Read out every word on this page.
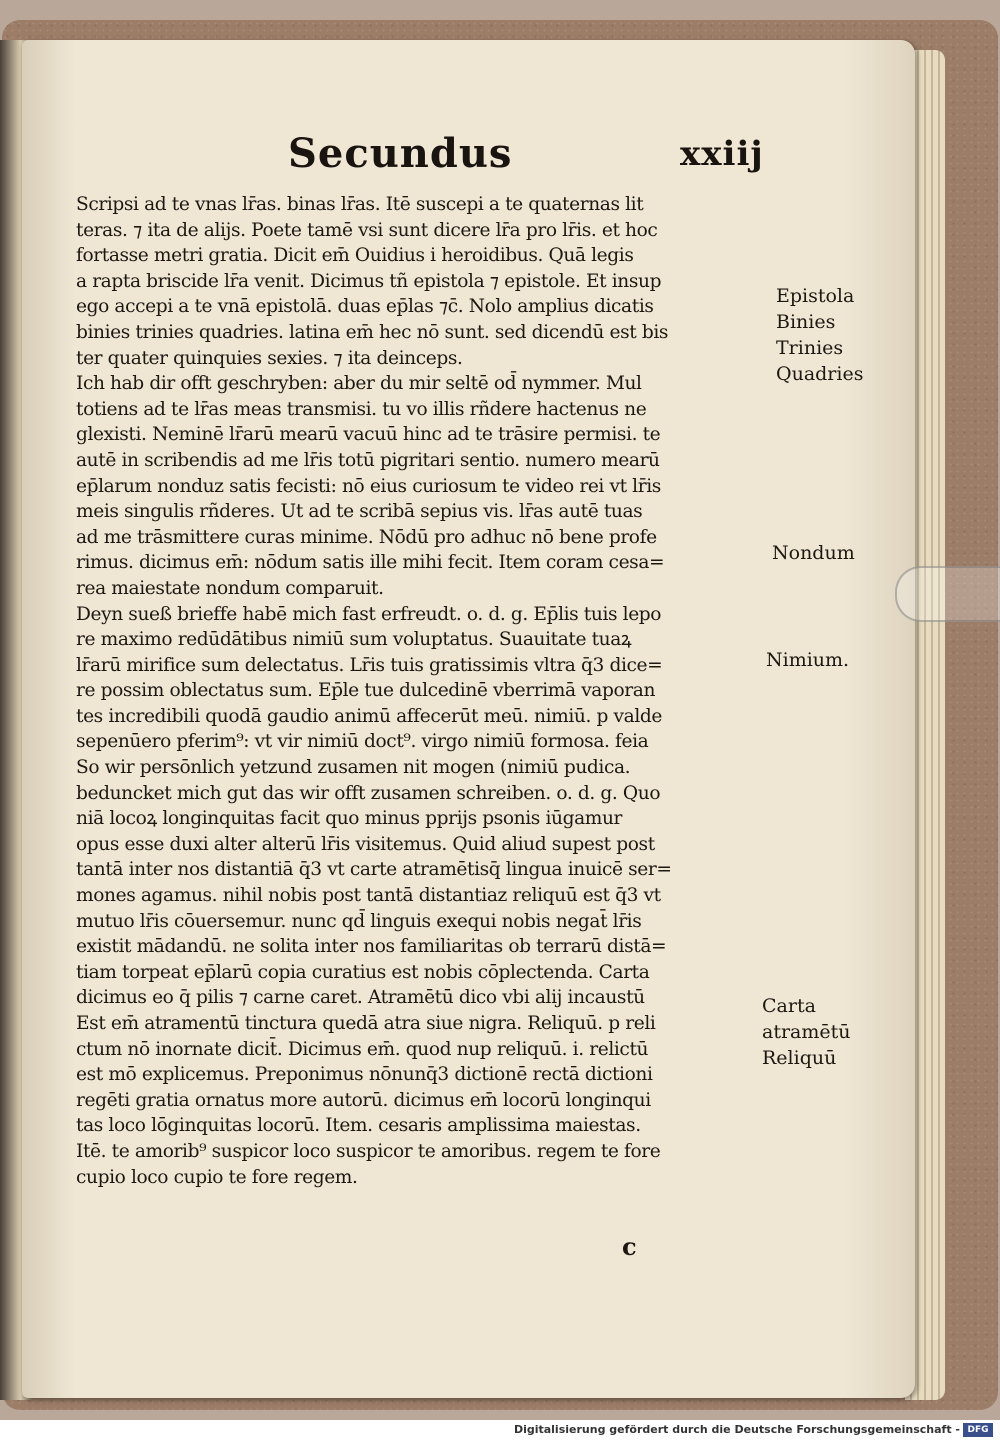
Secundus	xxiij
Scripsi ad te vnas lr̄as. binas lr̄as. Itē suscepi a te quaternas lit
teras. ⁊ ita de alijs. Poete tamē vsi sunt dicere lr̄a pro lr̄is. et hoc
fortasse metri gratia. Dicit em̄ Ouidius i heroidibus. Quā legis
a rapta briscide lr̄a venit. Dicimus tñ epistola ⁊ epistole. Et insup
ego accepi a te vnā epistolā. duas ep̄las ⁊c̄. Nolo amplius dicatis
binies trinies quadries. latina em̄ hec nō sunt. sed dicendū est bis
ter quater quinquies sexies. ⁊ ita deinceps.
Ich hab dir offt geschryben: aber du mir seltē od̄ nymmer. Mul
totiens ad te lr̄as meas transmisi. tu vo illis rñdere hactenus ne
glexisti. Neminē lr̄arū mearū vacuū hinc ad te trāsire permisi. te
autē in scribendis ad me lr̄is totū pigritari sentio. numero mearū
ep̄larum nonduz satis fecisti: nō eius curiosum te video rei vt lr̄is
meis singulis rñderes. Ut ad te scribā sepius vis. lr̄as autē tuas
ad me trāsmittere curas minime. Nōdū pro adhuc nō bene profe
rimus. dicimus em̄: nōdum satis ille mihi fecit. Item coram cesa=
rea maiestate nondum comparuit.
Deyn sueß brieffe habē mich fast erfreudt. o. d. g. Ep̄lis tuis lepo
re maximo redūdātibus nimiū sum voluptatus. Suauitate tuaꝝ
lr̄arū mirifice sum delectatus. Lr̄is tuis gratissimis vltra q̄3 dice=
re possim oblectatus sum. Ep̄le tue dulcedinē vberrimā vaporan
tes incredibili quodā gaudio animū affecerūt meū. nimiū. p valde
sepenūero pferim⁹: vt vir nimiū doct⁹. virgo nimiū formosa. feia
So wir persōnlich yetzund zusamen nit mogen (nimiū pudica.
beduncket mich gut das wir offt zusamen schreiben. o. d. g. Quo
niā locoꝝ longinquitas facit quo minus pprijs psonis iūgamur
opus esse duxi alter alterū lr̄is visitemus. Quid aliud supest post
tantā inter nos distantiā q̄3 vt carte atramētisq̄ lingua inuicē ser=
mones agamus. nihil nobis post tantā distantiaz reliquū est q̄3 vt
mutuo lr̄is cōuersemur. nunc qd̄ linguis exequi nobis negat̄ lr̄is
existit mādandū. ne solita inter nos familiaritas ob terrarū distā=
tiam torpeat ep̄larū copia curatius est nobis cōplectenda. Carta
dicimus eo q̄ pilis ⁊ carne caret. Atramētū dico vbi alij incaustū
Est em̄ atramentū tinctura quedā atra siue nigra. Reliquū. p reli
ctum nō inornate dicit̄. Dicimus em̄. quod nup reliquū. i. relictū
est mō explicemus. Preponimus nōnunq̄3 dictionē rectā dictioni
regēti gratia ornatus more autorū. dicimus em̄ locorū longinqui
tas loco lōginquitas locorū. Item. cesaris amplissima maiestas.
Itē. te amorib⁹ suspicor loco suspicor te amoribus. regem te fore
cupio loco cupio te fore regem.
Epistola
Binies
Trinies
Quadries
Nondum
Nimium.
Carta
atramētū
Reliquū
c
Digitalisierung gefördert durch die Deutsche Forschungsgemeinschaft - DFG
